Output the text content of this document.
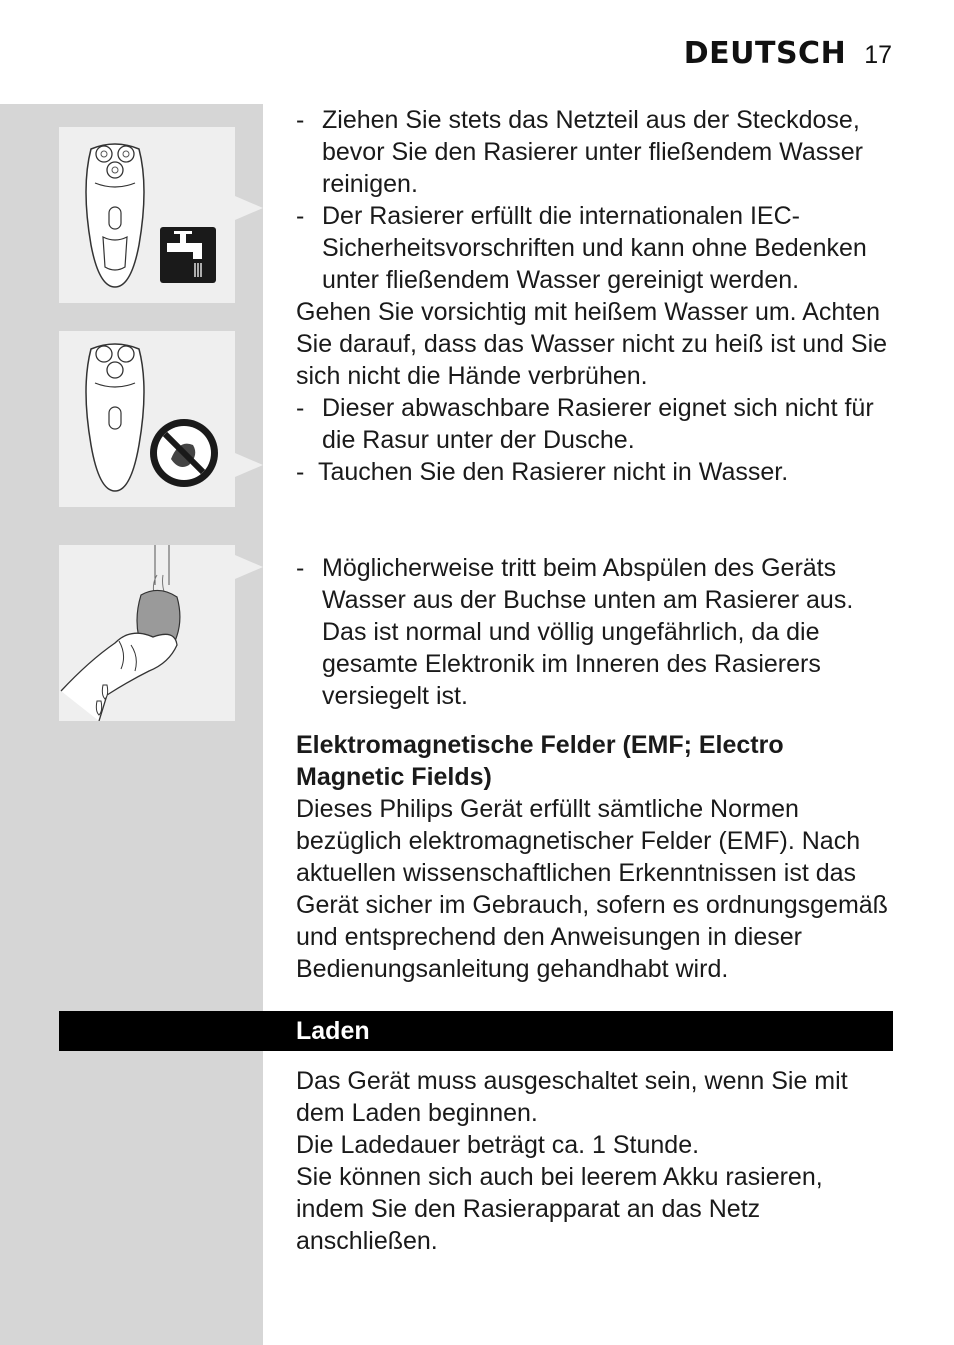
DEUTSCH 17
- Ziehen Sie stets das Netzteil aus der Steckdose, bevor Sie den Rasierer unter fließendem Wasser reinigen.
- Der Rasierer erfüllt die internationalen IEC-Sicherheitsvorschriften und kann ohne Bedenken unter fließendem Wasser gereinigt werden.

Gehen Sie vorsichtig mit heißem Wasser um. Achten Sie darauf, dass das Wasser nicht zu heiß ist und Sie sich nicht die Hände verbrühen.

- Dieser abwaschbare Rasierer eignet sich nicht für die Rasur unter der Dusche.
- Tauchen Sie den Rasierer nicht in Wasser.
- Möglicherweise tritt beim Abspülen des Geräts Wasser aus der Buchse unten am Rasierer aus. Das ist normal und völlig ungefährlich, da die gesamte Elektronik im Inneren des Rasierers versiegelt ist.

Elektromagnetische Felder (EMF; Electro Magnetic Fields)

Dieses Philips Gerät erfüllt sämtliche Normen bezüglich elektromagnetischer Felder (EMF). Nach aktuellen wissenschaftlichen Erkenntnissen ist das Gerät sicher im Gebrauch, sofern es ordnungsgemäß und entsprechend den Anweisungen in dieser Bedienungsanleitung gehandhabt wird.

Laden

Das Gerät muss ausgeschaltet sein, wenn Sie mit dem Laden beginnen.

Die Ladedauer beträgt ca. 1 Stunde.

Sie können sich auch bei leerem Akku rasieren, indem Sie den Rasierapparat an das Netz anschließen.
